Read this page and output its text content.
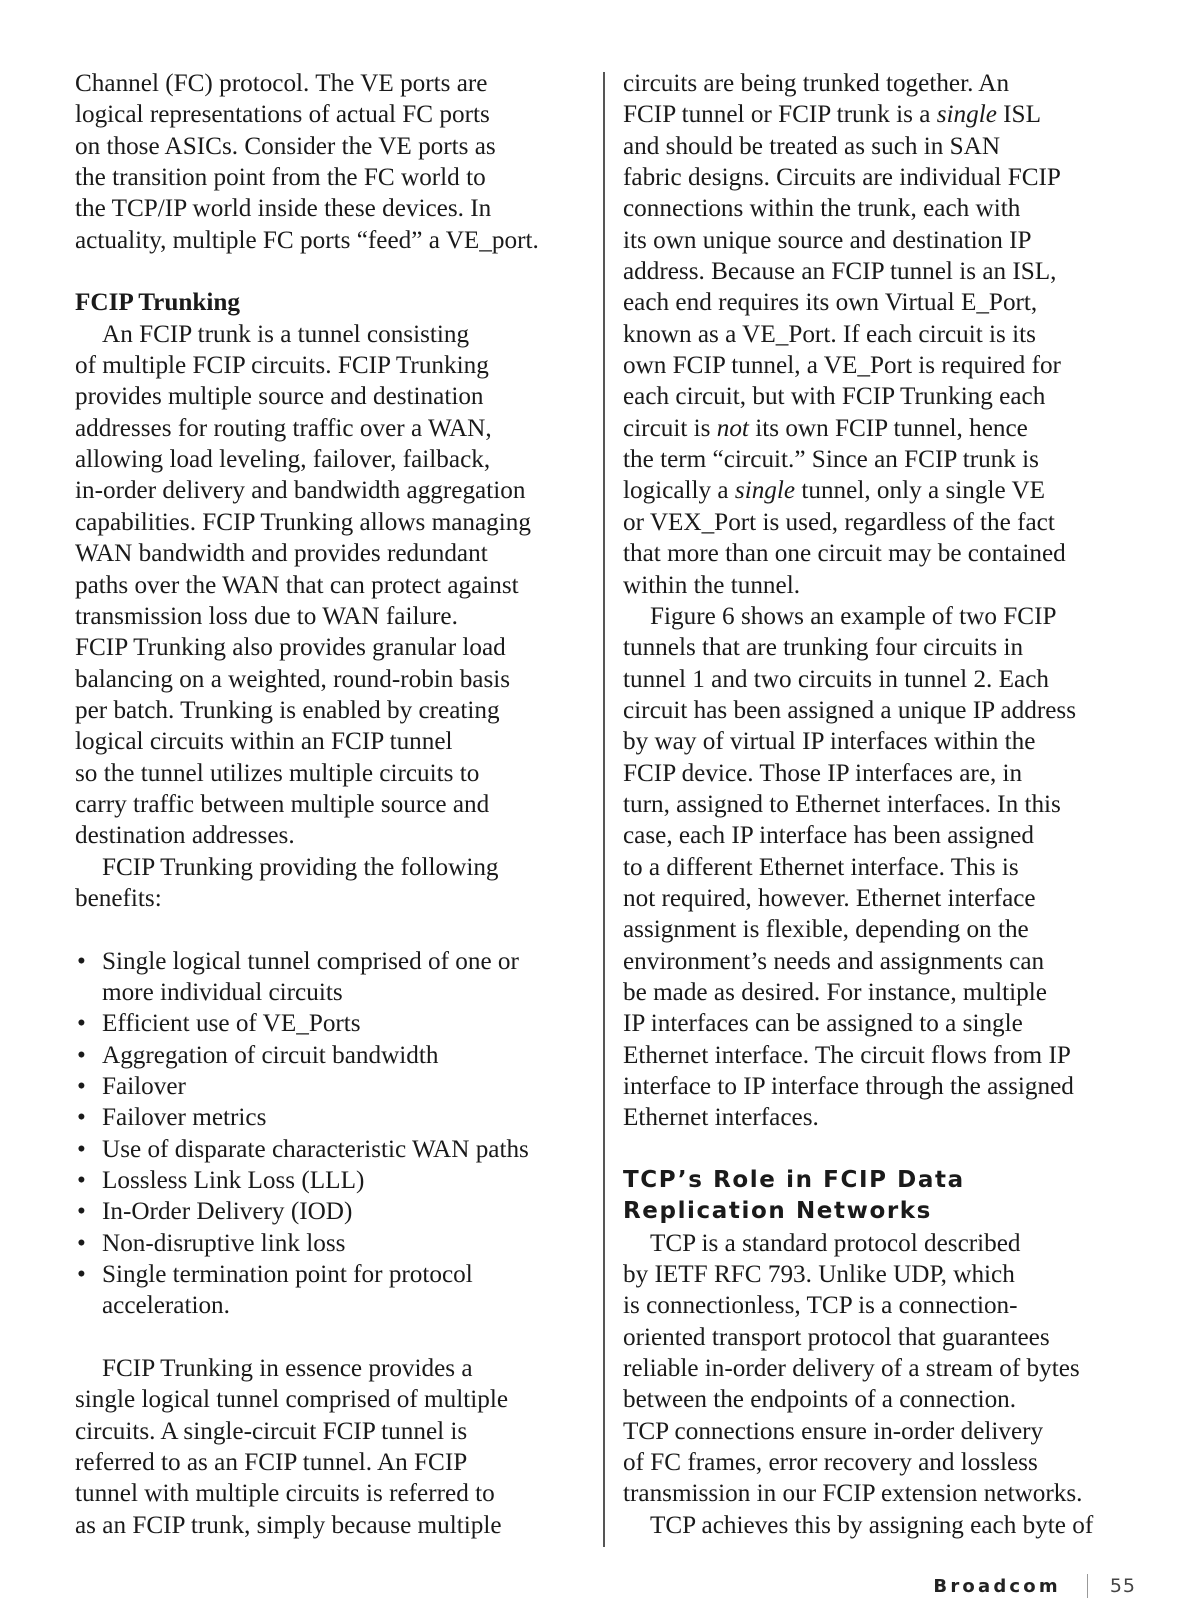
Channel (FC) protocol. The VE ports are
logical representations of actual FC ports
on those ASICs. Consider the VE ports as
the transition point from the FC world to
the TCP/IP world inside these devices. In
actuality, multiple FC ports “feed” a VE_port.
FCIP Trunking
An FCIP trunk is a tunnel consisting
of multiple FCIP circuits. FCIP Trunking
provides multiple source and destination
addresses for routing traffic over a WAN,
allowing load leveling, failover, failback,
in-order delivery and bandwidth aggregation
capabilities. FCIP Trunking allows managing
WAN bandwidth and provides redundant
paths over the WAN that can protect against
transmission loss due to WAN failure.
FCIP Trunking also provides granular load
balancing on a weighted, round-robin basis
per batch. Trunking is enabled by creating
logical circuits within an FCIP tunnel
so the tunnel utilizes multiple circuits to
carry traffic between multiple source and
destination addresses.
FCIP Trunking providing the following
benefits:
• Single logical tunnel comprised of one or
more individual circuits
• Efficient use of VE_Ports
• Aggregation of circuit bandwidth
• Failover
• Failover metrics
• Use of disparate characteristic WAN paths
• Lossless Link Loss (LLL)
• In-Order Delivery (IOD)
• Non-disruptive link loss
• Single termination point for protocol
acceleration.
FCIP Trunking in essence provides a
single logical tunnel comprised of multiple
circuits. A single-circuit FCIP tunnel is
referred to as an FCIP tunnel. An FCIP
tunnel with multiple circuits is referred to
as an FCIP trunk, simply because multiple
circuits are being trunked together. An
FCIP tunnel or FCIP trunk is a single ISL
and should be treated as such in SAN
fabric designs. Circuits are individual FCIP
connections within the trunk, each with
its own unique source and destination IP
address. Because an FCIP tunnel is an ISL,
each end requires its own Virtual E_Port,
known as a VE_Port. If each circuit is its
own FCIP tunnel, a VE_Port is required for
each circuit, but with FCIP Trunking each
circuit is not its own FCIP tunnel, hence
the term “circuit.” Since an FCIP trunk is
logically a single tunnel, only a single VE
or VEX_Port is used, regardless of the fact
that more than one circuit may be contained
within the tunnel.
Figure 6 shows an example of two FCIP
tunnels that are trunking four circuits in
tunnel 1 and two circuits in tunnel 2. Each
circuit has been assigned a unique IP address
by way of virtual IP interfaces within the
FCIP device. Those IP interfaces are, in
turn, assigned to Ethernet interfaces. In this
case, each IP interface has been assigned
to a different Ethernet interface. This is
not required, however. Ethernet interface
assignment is flexible, depending on the
environment’s needs and assignments can
be made as desired. For instance, multiple
IP interfaces can be assigned to a single
Ethernet interface. The circuit flows from IP
interface to IP interface through the assigned
Ethernet interfaces.
TCP’s Role in FCIP Data
Replication Networks
TCP is a standard protocol described
by IETF RFC 793. Unlike UDP, which
is connectionless, TCP is a connection-
oriented transport protocol that guarantees
reliable in-order delivery of a stream of bytes
between the endpoints of a connection.
TCP connections ensure in-order delivery
of FC frames, error recovery and lossless
transmission in our FCIP extension networks.
TCP achieves this by assigning each byte of
Broadcom	55
